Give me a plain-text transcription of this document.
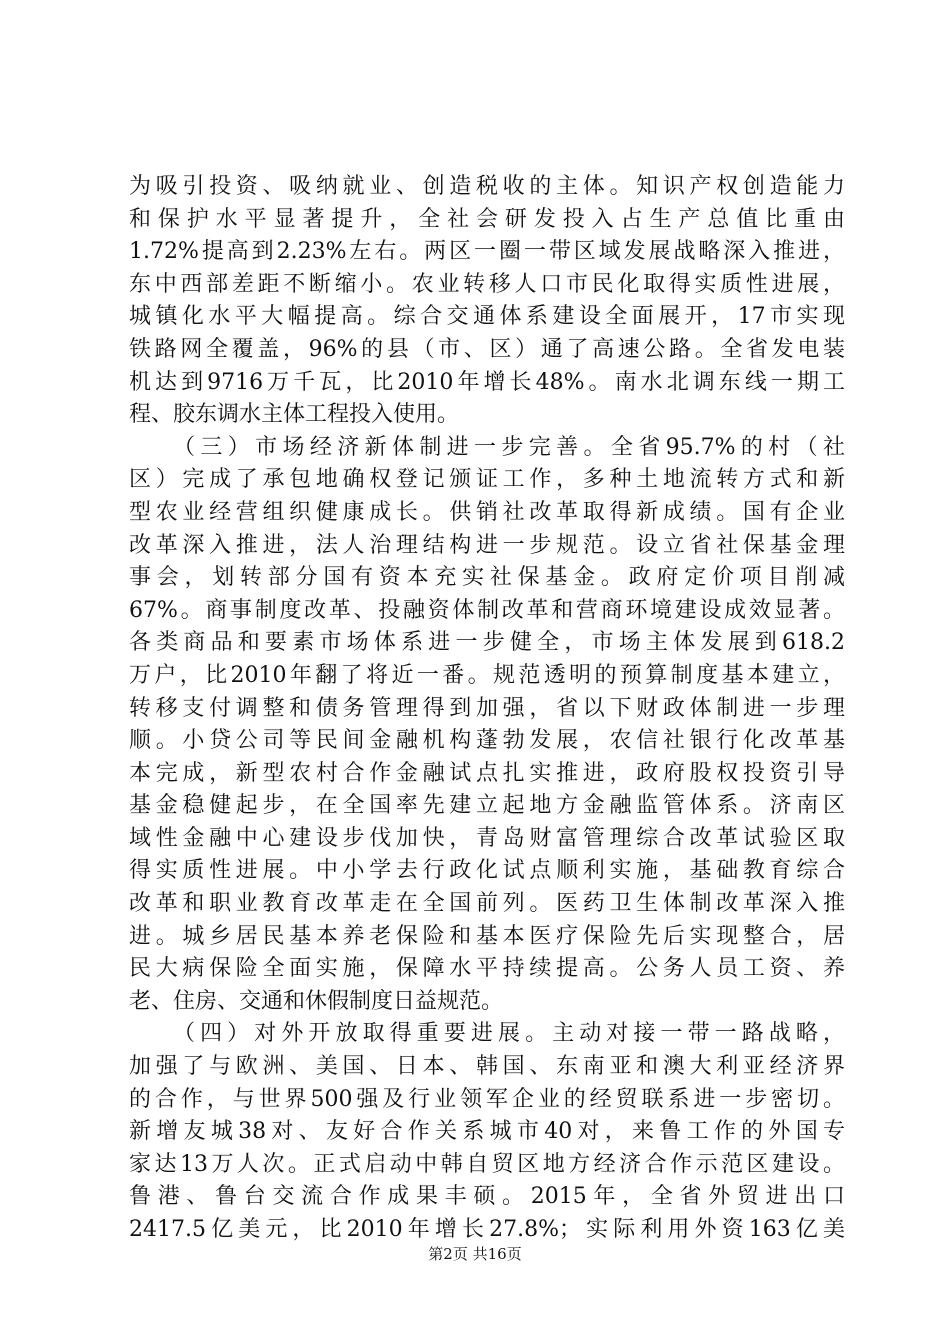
为吸引投资、吸纳就业、创造税收的主体。知识产权创造能力
和保护水平显著提升，全社会研发投入占生产总值比重由
1.72%提高到2.23%左右。两区一圈一带区域发展战略深入推进，
东中西部差距不断缩小。农业转移人口市民化取得实质性进展，
城镇化水平大幅提高。综合交通体系建设全面展开，17市实现
铁路网全覆盖，96%的县（市、区）通了高速公路。全省发电装
机达到9716万千瓦，比2010年增长48%。南水北调东线一期工
程、胶东调水主体工程投入使用。
（三）市场经济新体制进一步完善。全省95.7%的村（社
区）完成了承包地确权登记颁证工作，多种土地流转方式和新
型农业经营组织健康成长。供销社改革取得新成绩。国有企业
改革深入推进，法人治理结构进一步规范。设立省社保基金理
事会，划转部分国有资本充实社保基金。政府定价项目削减
67%。商事制度改革、投融资体制改革和营商环境建设成效显著。
各类商品和要素市场体系进一步健全，市场主体发展到618.2
万户，比2010年翻了将近一番。规范透明的预算制度基本建立，
转移支付调整和债务管理得到加强，省以下财政体制进一步理
顺。小贷公司等民间金融机构蓬勃发展，农信社银行化改革基
本完成，新型农村合作金融试点扎实推进，政府股权投资引导
基金稳健起步，在全国率先建立起地方金融监管体系。济南区
域性金融中心建设步伐加快，青岛财富管理综合改革试验区取
得实质性进展。中小学去行政化试点顺利实施，基础教育综合
改革和职业教育改革走在全国前列。医药卫生体制改革深入推
进。城乡居民基本养老保险和基本医疗保险先后实现整合，居
民大病保险全面实施，保障水平持续提高。公务人员工资、养
老、住房、交通和休假制度日益规范。
（四）对外开放取得重要进展。主动对接一带一路战略，
加强了与欧洲、美国、日本、韩国、东南亚和澳大利亚经济界
的合作，与世界500强及行业领军企业的经贸联系进一步密切。
新增友城38对、友好合作关系城市40对，来鲁工作的外国专
家达13万人次。正式启动中韩自贸区地方经济合作示范区建设。
鲁港、鲁台交流合作成果丰硕。2015年，全省外贸进出口
2417.5亿美元，比2010年增长27.8%；实际利用外资163亿美
第2页 共16页
